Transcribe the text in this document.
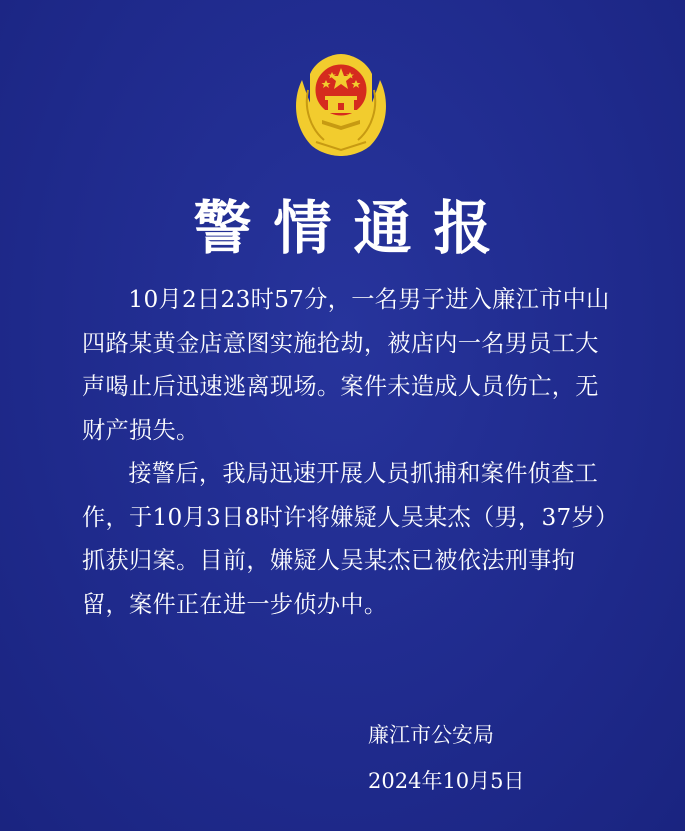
警情通报

10月2日23时57分，一名男子进入廉江市中山四路某黄金店意图实施抢劫，被店内一名男员工大声喝止后迅速逃离现场。案件未造成人员伤亡，无财产损失。

接警后，我局迅速开展人员抓捕和案件侦查工作，于10月3日8时许将嫌疑人吴某杰（男，37岁）抓获归案。目前，嫌疑人吴某杰已被依法刑事拘留，案件正在进一步侦办中。

廉江市公安局
2024年10月5日
